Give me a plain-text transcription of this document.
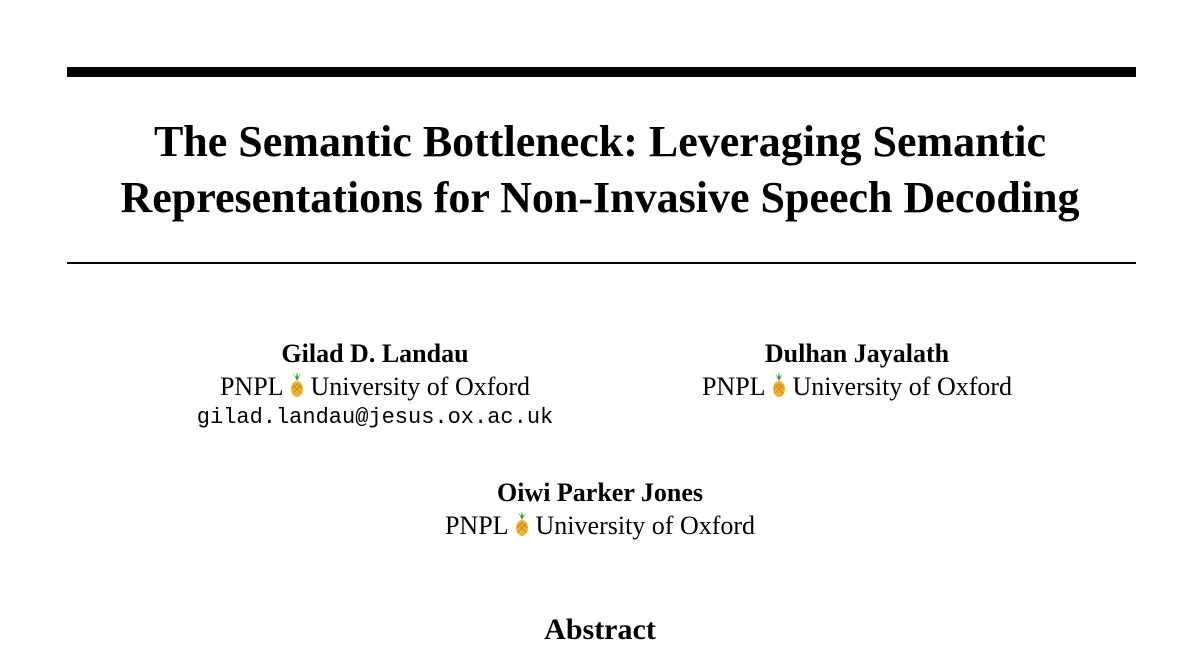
The Semantic Bottleneck: Leveraging Semantic
Representations for Non-Invasive Speech Decoding
Gilad D. Landau
PNPL University of Oxford
gilad.landau@jesus.ox.ac.uk
Dulhan Jayalath
PNPL University of Oxford
Oiwi Parker Jones
PNPL University of Oxford
Abstract
